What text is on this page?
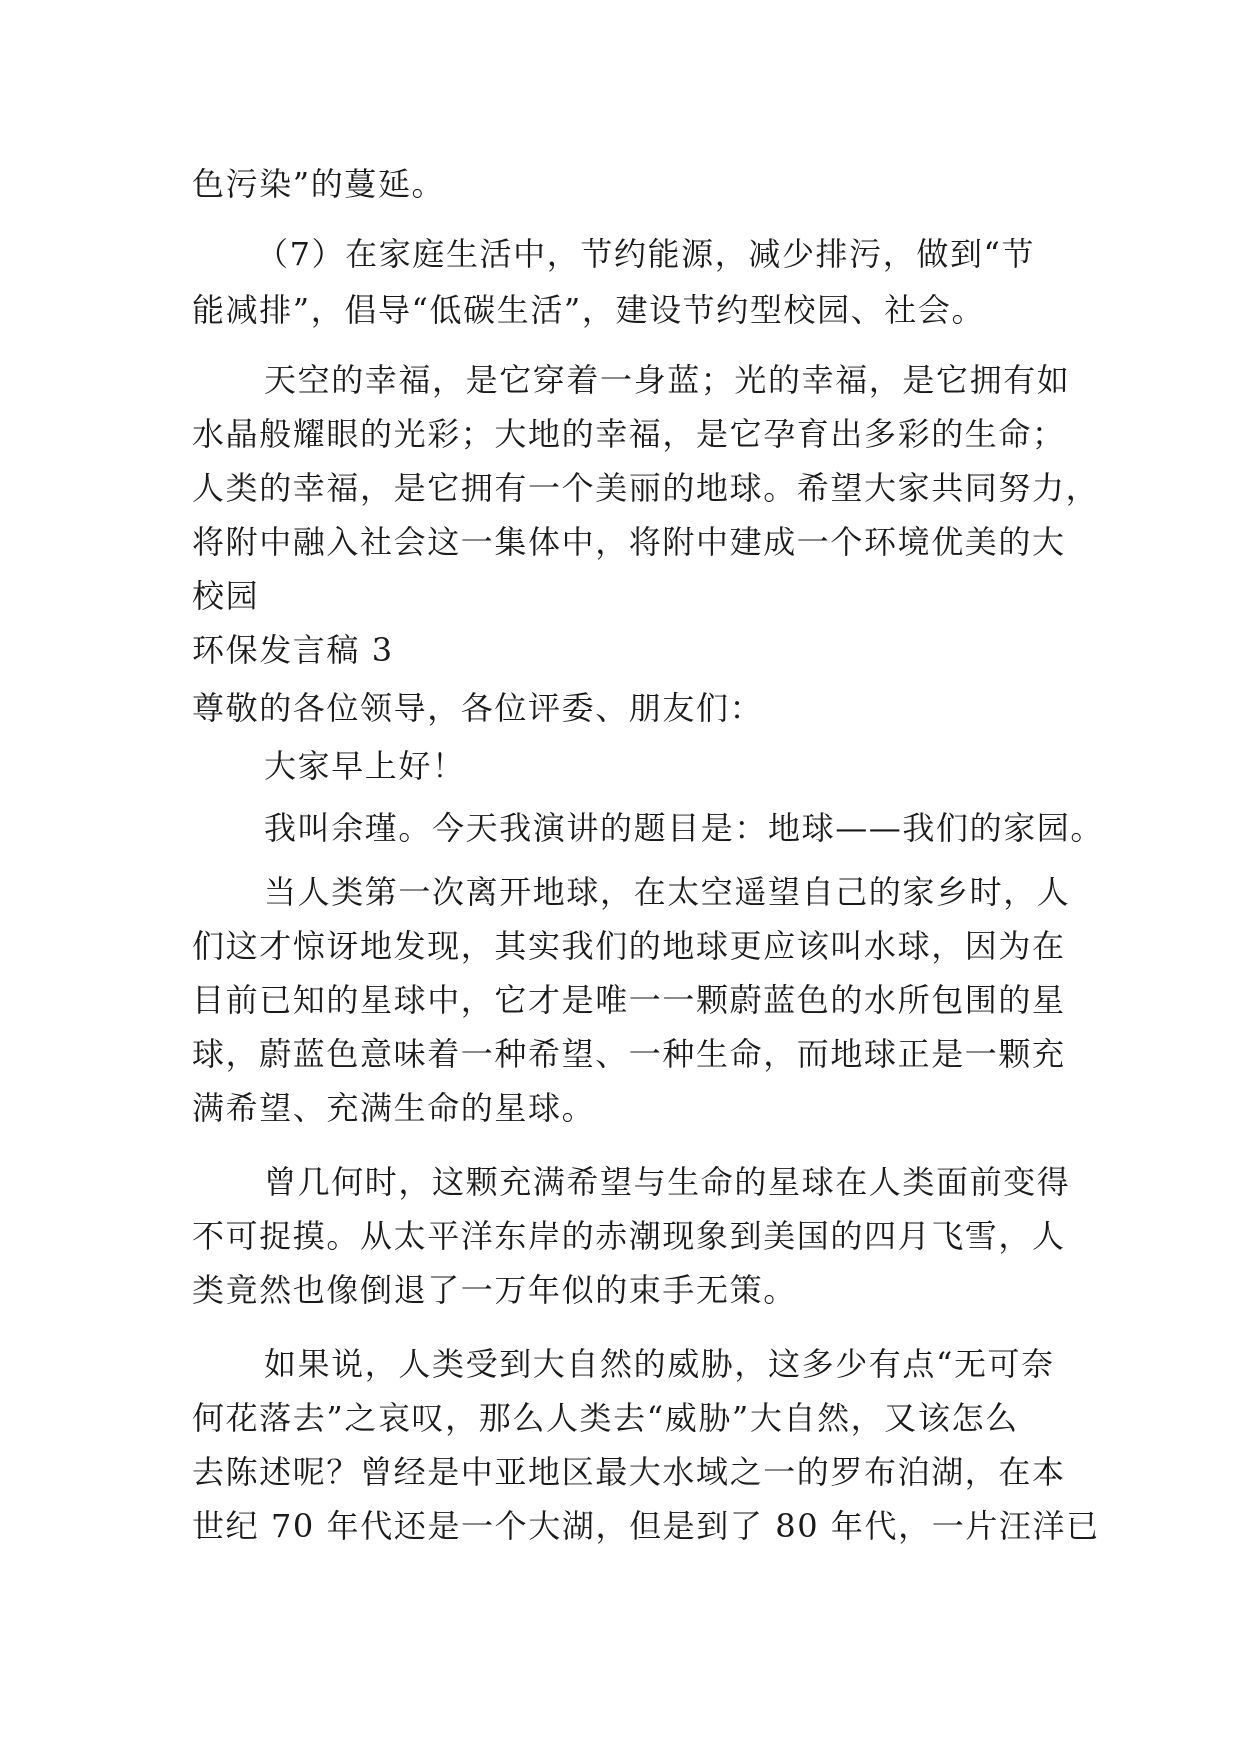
色污染”的蔓延。
（7）在家庭生活中，节约能源，减少排污，做到“节
能减排”，倡导“低碳生活”，建设节约型校园、社会。
天空的幸福，是它穿着一身蓝；光的幸福，是它拥有如
水晶般耀眼的光彩；大地的幸福，是它孕育出多彩的生命；
人类的幸福，是它拥有一个美丽的地球。希望大家共同努力，
将附中融入社会这一集体中，将附中建成一个环境优美的大
校园
环保发言稿 3
尊敬的各位领导，各位评委、朋友们：
大家早上好！
我叫余瑾。今天我演讲的题目是：地球——我们的家园。
当人类第一次离开地球，在太空遥望自己的家乡时，人
们这才惊讶地发现，其实我们的地球更应该叫水球，因为在
目前已知的星球中，它才是唯一一颗蔚蓝色的水所包围的星
球，蔚蓝色意味着一种希望、一种生命，而地球正是一颗充
满希望、充满生命的星球。
曾几何时，这颗充满希望与生命的星球在人类面前变得
不可捉摸。从太平洋东岸的赤潮现象到美国的四月飞雪，人
类竟然也像倒退了一万年似的束手无策。
如果说，人类受到大自然的威胁，这多少有点“无可奈
何花落去”之哀叹，那么人类去“威胁”大自然，又该怎么
去陈述呢？曾经是中亚地区最大水域之一的罗布泊湖，在本
世纪 70 年代还是一个大湖，但是到了 80 年代，一片汪洋已
